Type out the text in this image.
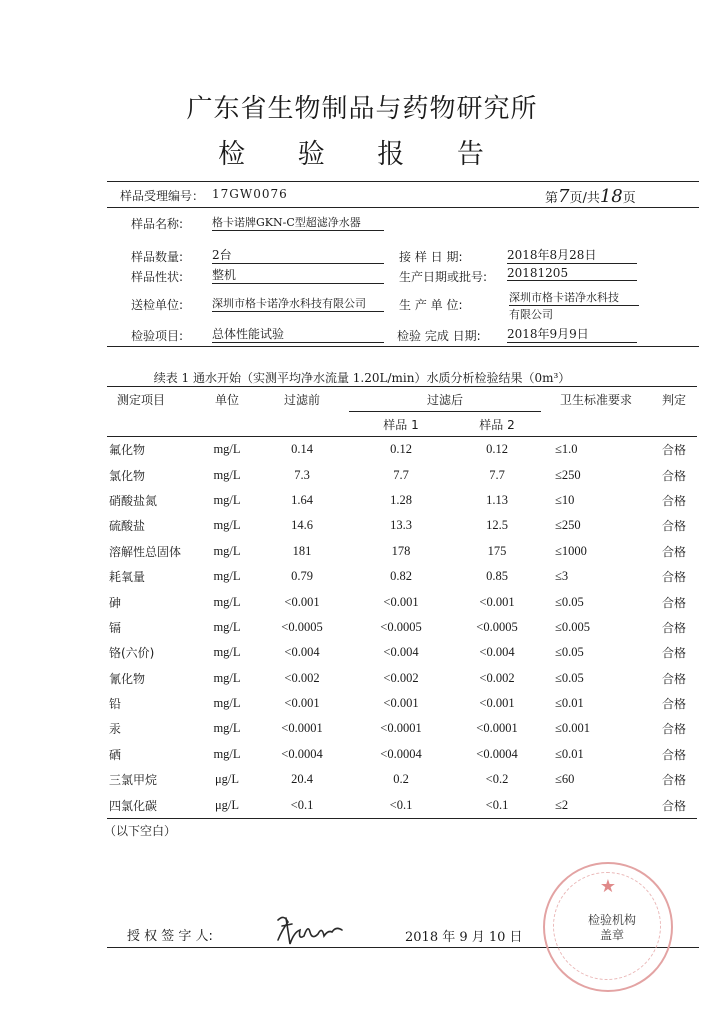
广东省生物制品与药物研究所
检 验 报 告
样品受理编号： 17GW0076	第7页/共18页
样品名称:	格卡诺牌GKN-C型超滤净水器
样品数量: 2台	接 样 日 期:	2018年8月28日
样品性状: 整机	生产日期或批号: 20181205
送检单位:	深圳市格卡诺净水科技有限公司	生 产 单 位:
深圳市格卡诺净水科技
有限公司
检验项目: 总体性能试验	检验 完成 日期: 2018年9月9日
续表 1 通水开始（实测平均净水流量 1.20L/min）水质分析检验结果（0m³）
测定项目	单位	过滤前	过滤后		卫生标准要求	判定
			样品 1	样品 2		
氟化物	mg/L	0.14	0.12	0.12	≤1.0	合格
氯化物	mg/L	7.3	7.7	7.7	≤250	合格
硝酸盐氮	mg/L	1.64	1.28	1.13	≤10	合格
硫酸盐	mg/L	14.6	13.3	12.5	≤250	合格
溶解性总固体	mg/L	181	178	175	≤1000	合格
耗氧量	mg/L	0.79	0.82	0.85	≤3	合格
砷	mg/L	<0.001	<0.001	<0.001	≤0.05	合格
镉	mg/L	<0.0005	<0.0005	<0.0005	≤0.005	合格
铬(六价)	mg/L	<0.004	<0.004	<0.004	≤0.05	合格
氰化物	mg/L	<0.002	<0.002	<0.002	≤0.05	合格
铅	mg/L	<0.001	<0.001	<0.001	≤0.01	合格
汞	mg/L	<0.0001	<0.0001	<0.0001	≤0.001	合格
硒	mg/L	<0.0004	<0.0004	<0.0004	≤0.01	合格
三氯甲烷	μg/L	20.4	0.2	<0.2	≤60	合格
四氯化碳	μg/L	<0.1	<0.1	<0.1	≤2	合格
（以下空白）
授 权 签 字 人:	2018 年 9 月 10 日
★
检验机构
盖章
